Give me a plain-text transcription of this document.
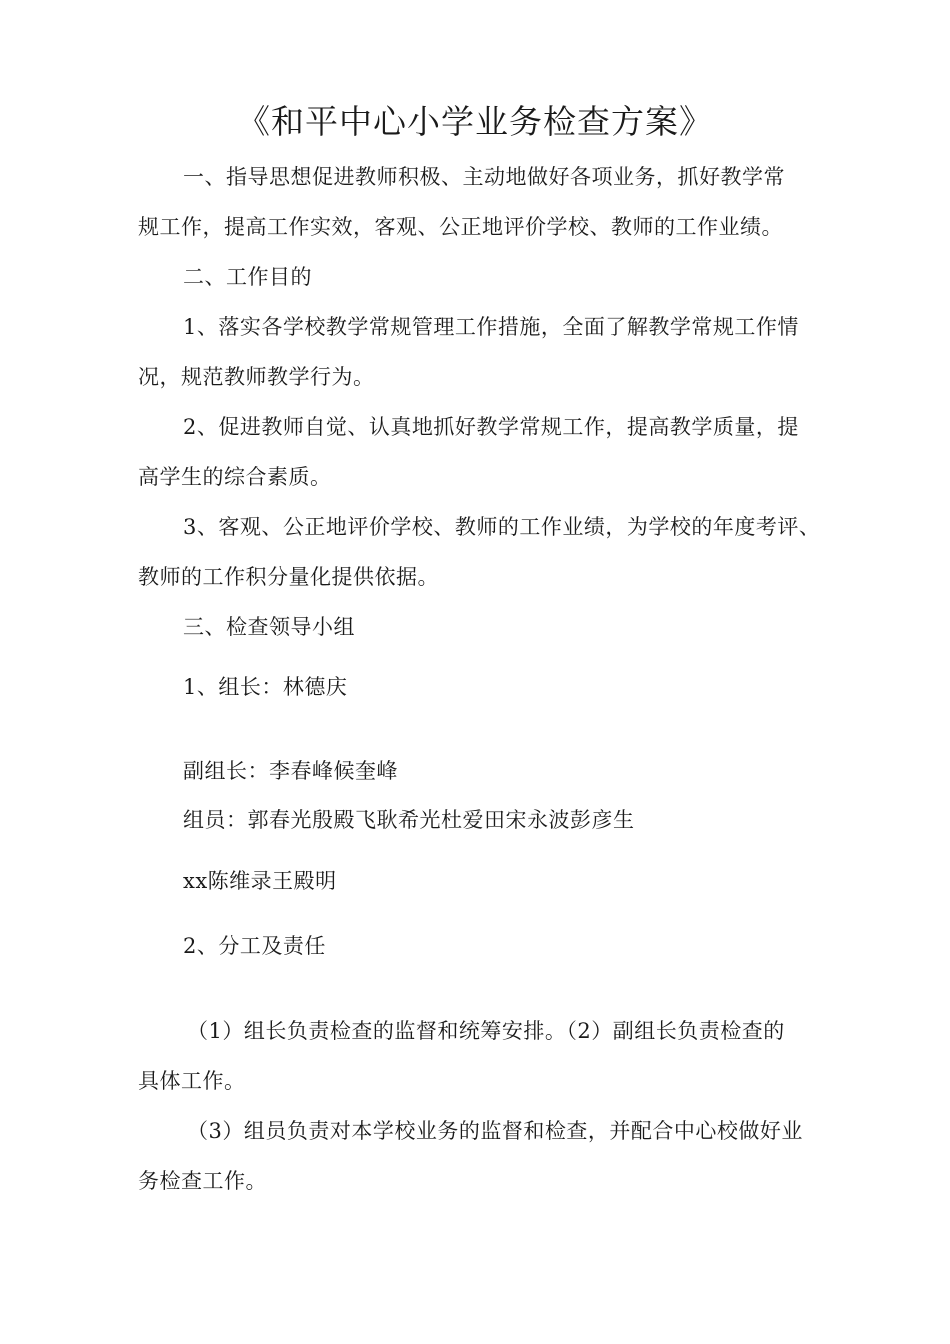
《和平中心小学业务检查方案》
一、指导思想促进教师积极、主动地做好各项业务，抓好教学常
规工作，提高工作实效，客观、公正地评价学校、教师的工作业绩。
二、工作目的
1、落实各学校教学常规管理工作措施，全面了解教学常规工作情
况，规范教师教学行为。
2、促进教师自觉、认真地抓好教学常规工作，提高教学质量，提
高学生的综合素质。
3、客观、公正地评价学校、教师的工作业绩，为学校的年度考评、
教师的工作积分量化提供依据。
三、检查领导小组
1、组长：林德庆
副组长：李春峰候奎峰
组员：郭春光殷殿飞耿希光杜爱田宋永波彭彦生
xx陈维录王殿明
2、分工及责任
（1）组长负责检查的监督和统筹安排。（2）副组长负责检查的
具体工作。
（3）组员负责对本学校业务的监督和检查，并配合中心校做好业
务检查工作。
